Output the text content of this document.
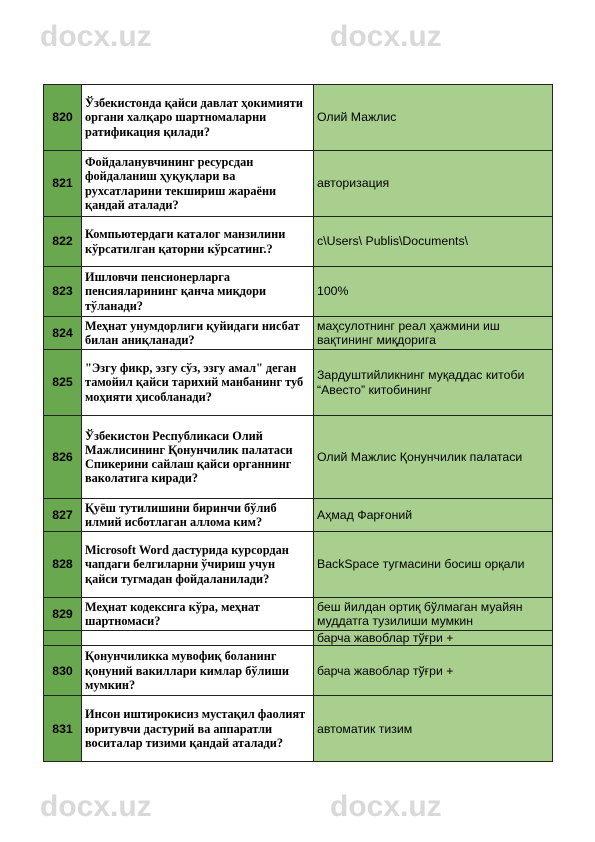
docx.uz	docx.uz
docx.uz	docx.uz
820	Ўзбекистонда қайси давлат ҳокимияти органи халқаро шартномаларни ратификация қилади?	Олий Мажлис
821	Фойдаланувчининг ресурсдан фойдаланиш ҳуқуқлари ва рухсатларини текшириш жараёни қандай аталади?	авторизация
822	Компьютердаги каталог манзилини кўрсатилган қаторни кўрсатинг.?	c\Users\ Publis\Documents\
823	Ишловчи пенсионерларга пенсияларининг қанча миқдори тўланади?	100%
824	Меҳнат унумдорлиги қуйидаги нисбат билан аниқланади?	маҳсулотнинг реал ҳажмини иш вақтининг миқдорига
825	"Эзгу фикр, эзгу сўз, эзгу амал" деган тамойил қайси тарихий манбанинг туб моҳияти ҳисобланади?	Зардуштийликнинг муқаддас китоби “Авесто” китобининг
826	Ўзбекистон Республикаси Олий Мажлисининг Қонунчилик палатаси Спикерини сайлаш қайси органнинг ваколатига киради?	Олий Мажлис Қонунчилик палатаси
827	Қуёш тутилишини биринчи бўлиб илмий исботлаган аллома ким?	Аҳмад Фарғоний
828	Microsoft Word дастурида курсордан чапдаги белгиларни ўчириш учун қайси тугмадан фойдаланилади?	BackSpace тугмасини босиш орқали
829	Меҳнат кодексига кўра, меҳнат шартномаси?	беш йилдан ортиқ бўлмаган муайян муддатга тузилиши мумкин
		барча жавоблар тўғри +
830	Қонунчиликка мувофиқ боланинг қонуний вакиллари кимлар бўлиши мумкин?	барча жавоблар тўғри +
831	Инсон иштирокисиз мустақил фаолият юритувчи дастурий ва аппаратли воситалар тизими қандай аталади?	автоматик тизим
